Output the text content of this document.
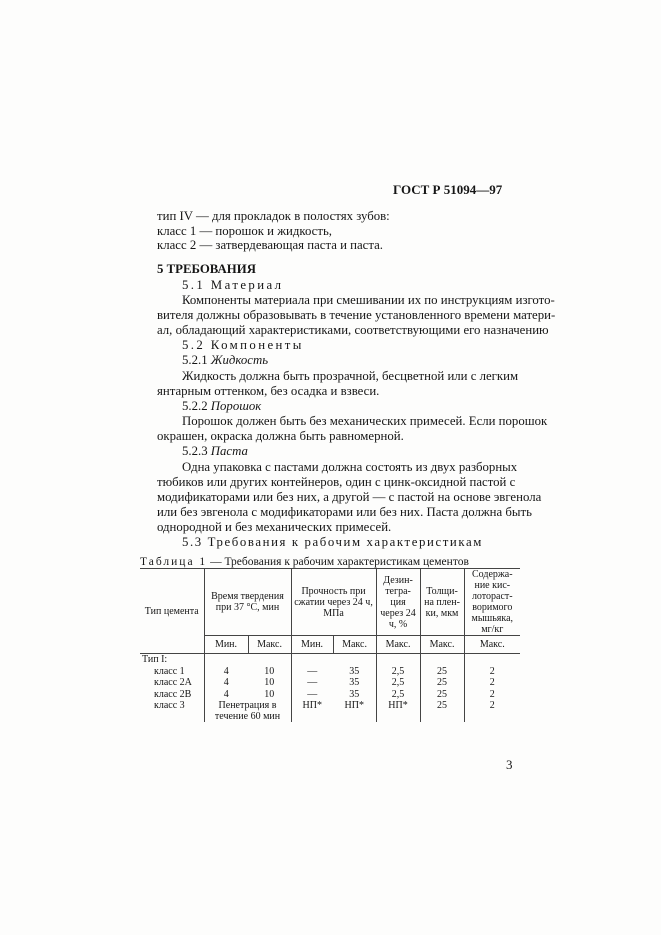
ГОСТ Р 51094—97
тип IV — для прокладок в полостях зубов:
класс 1 — порошок и жидкость,
класс 2 — затвердевающая паста и паста.
5 ТРЕБОВАНИЯ
5.1 Материал
Компоненты материала при смешивании их по инструкциям изгото-
вителя должны образовывать в течение установленного времени матери-
ал, обладающий характеристиками, соответствующими его назначению
5.2 Компоненты
5.2.1 Жидкость
Жидкость должна быть прозрачной, бесцветной или с легким
янтарным оттенком, без осадка и взвеси.
5.2.2 Порошок
Порошок должен быть без механических примесей. Если порошок
окрашен, окраска должна быть равномерной.
5.2.3 Паста
Одна упаковка с пастами должна состоять из двух разборных
тюбиков или других контейнеров, один с цинк-оксидной пастой с
модификаторами или без них, а другой — с пастой на основе эвгенола
или без эвгенола с модификаторами или без них. Паста должна быть
однородной и без механических примесей.
5.3 Требования к рабочим характеристикам
Таблица 1 — Требования к рабочим характеристикам цементов
Тип цемента	Время твердения при 37 °С, мин		Прочность при сжатии через 24 ч, МПа		Дезин-тегра-ция через 24 ч, %	Толщи-на плен-ки, мкм	Содержа-ние кис-лотораст-воримого мышьяка, мг/кг
	Мин.	Макс.	Мин.	Макс.	Макс.	Макс.	Макс.
Тип I:							
класс 1	4	10	—	35	2,5	25	2
класс 2А	4	10	—	35	2,5	25	2
класс 2В	4	10	—	35	2,5	25	2
класс 3	Пенетрация в течение 60 мин		НП*	НП*	НП*	25	2
3
